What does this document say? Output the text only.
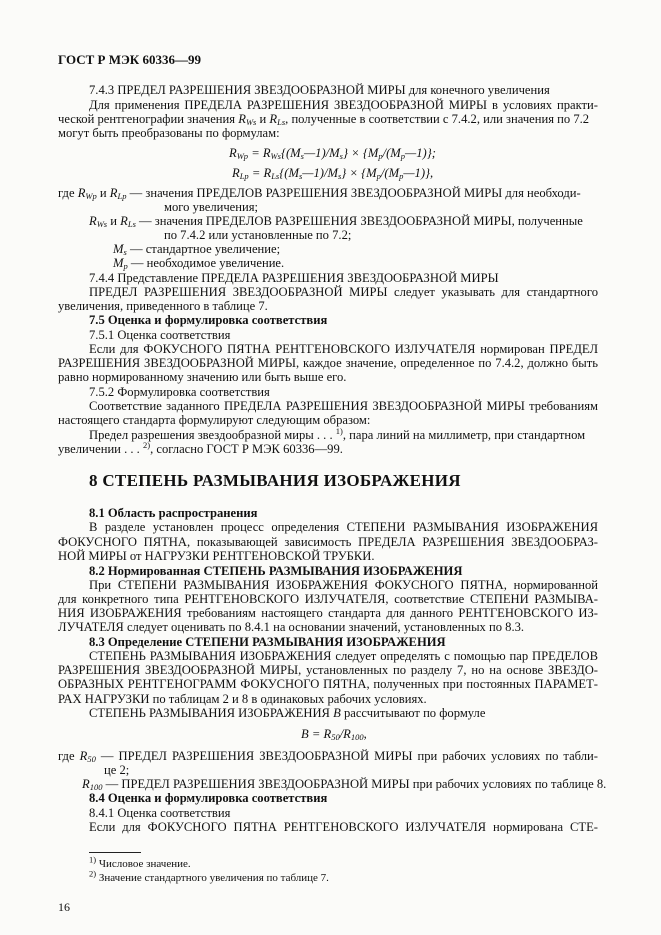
ГОСТ Р МЭК 60336—99
7.4.3 ПРЕДЕЛ РАЗРЕШЕНИЯ ЗВЕЗДООБРАЗНОЙ МИРЫ для конечного увеличения
Для применения ПРЕДЕЛА РАЗРЕШЕНИЯ ЗВЕЗДООБРАЗНОЙ МИРЫ в условиях практи-
ческой рентгенографии значения $R_{Ws}$ и $R_{Ls}$, полученные в соответствии с 7.4.2, или значения по 7.2
могут быть преобразованы по формулам:
$R_{Wp}$ = $R_{Ws}\{(M_s—1)/M_s\}$ × $\{M_p/(M_p—1)\}$;
$R_{Lp}$ = $R_{Ls}\{(M_s—1)/M_s\}$ × $\{M_p/(M_p—1)\}$,
где $R_{Wp}$ и $R_{Lp}$ — значения ПРЕДЕЛОВ РАЗРЕШЕНИЯ ЗВЕЗДООБРАЗНОЙ МИРЫ для необходи-
мого увеличения;
$R_{Ws}$ и $R_{Ls}$ — значения ПРЕДЕЛОВ РАЗРЕШЕНИЯ ЗВЕЗДООБРАЗНОЙ МИРЫ, полученные
по 7.4.2 или установленные по 7.2;
$M_s$ — стандартное увеличение;
$M_p$ — необходимое увеличение.
7.4.4 Представление ПРЕДЕЛА РАЗРЕШЕНИЯ ЗВЕЗДООБРАЗНОЙ МИРЫ
ПРЕДЕЛ РАЗРЕШЕНИЯ ЗВЕЗДООБРАЗНОЙ МИРЫ следует указывать для стандартного
увеличения, приведенного в таблице 7.
7.5 Оценка и формулировка соответствия
7.5.1 Оценка соответствия
Если для ФОКУСНОГО ПЯТНА РЕНТГЕНОВСКОГО ИЗЛУЧАТЕЛЯ нормирован ПРЕДЕЛ
РАЗРЕШЕНИЯ ЗВЕЗДООБРАЗНОЙ МИРЫ, каждое значение, определенное по 7.4.2, должно быть
равно нормированному значению или быть выше его.
7.5.2 Формулировка соответствия
Соответствие заданного ПРЕДЕЛА РАЗРЕШЕНИЯ ЗВЕЗДООБРАЗНОЙ МИРЫ требованиям
настоящего стандарта формулируют следующим образом:
Предел разрешения звездообразной миры . . . $^{1)}$, пара линий на миллиметр, при стандартном
увеличении . . . $^{2)}$, согласно ГОСТ Р МЭК 60336—99.
8 СТЕПЕНЬ РАЗМЫВАНИЯ ИЗОБРАЖЕНИЯ
8.1 Область распространения
В разделе установлен процесс определения СТЕПЕНИ РАЗМЫВАНИЯ ИЗОБРАЖЕНИЯ
ФОКУСНОГО ПЯТНА, показывающей зависимость ПРЕДЕЛА РАЗРЕШЕНИЯ ЗВЕЗДООБРАЗ-
НОЙ МИРЫ от НАГРУЗКИ РЕНТГЕНОВСКОЙ ТРУБКИ.
8.2 Нормированная СТЕПЕНЬ РАЗМЫВАНИЯ ИЗОБРАЖЕНИЯ
При СТЕПЕНИ РАЗМЫВАНИЯ ИЗОБРАЖЕНИЯ ФОКУСНОГО ПЯТНА, нормированной
для конкретного типа РЕНТГЕНОВСКОГО ИЗЛУЧАТЕЛЯ, соответствие СТЕПЕНИ РАЗМЫВА-
НИЯ ИЗОБРАЖЕНИЯ требованиям настоящего стандарта для данного РЕНТГЕНОВСКОГО ИЗ-
ЛУЧАТЕЛЯ следует оценивать по 8.4.1 на основании значений, установленных по 8.3.
8.3 Определение СТЕПЕНИ РАЗМЫВАНИЯ ИЗОБРАЖЕНИЯ
СТЕПЕНЬ РАЗМЫВАНИЯ ИЗОБРАЖЕНИЯ следует определять с помощью пар ПРЕДЕЛОВ
РАЗРЕШЕНИЯ ЗВЕЗДООБРАЗНОЙ МИРЫ, установленных по разделу 7, но на основе ЗВЕЗДО-
ОБРАЗНЫХ РЕНТГЕНОГРАММ ФОКУСНОГО ПЯТНА, полученных при постоянных ПАРАМЕТ-
РАХ НАГРУЗКИ по таблицам 2 и 8 в одинаковых рабочих условиях.
СТЕПЕНЬ РАЗМЫВАНИЯ ИЗОБРАЖЕНИЯ B рассчитывают по формуле
$B = R_{50}/R_{100}$,
где $R_{50}$ — ПРЕДЕЛ РАЗРЕШЕНИЯ ЗВЕЗДООБРАЗНОЙ МИРЫ при рабочих условиях по табли-
це 2;
$R_{100}$ — ПРЕДЕЛ РАЗРЕШЕНИЯ ЗВЕЗДООБРАЗНОЙ МИРЫ при рабочих условиях по таблице 8.
8.4 Оценка и формулировка соответствия
8.4.1 Оценка соответствия
Если для ФОКУСНОГО ПЯТНА РЕНТГЕНОВСКОГО ИЗЛУЧАТЕЛЯ нормирована СТЕ-
$^{1)}$ Числовое значение.
$^{2)}$ Значение стандартного увеличения по таблице 7.
16
